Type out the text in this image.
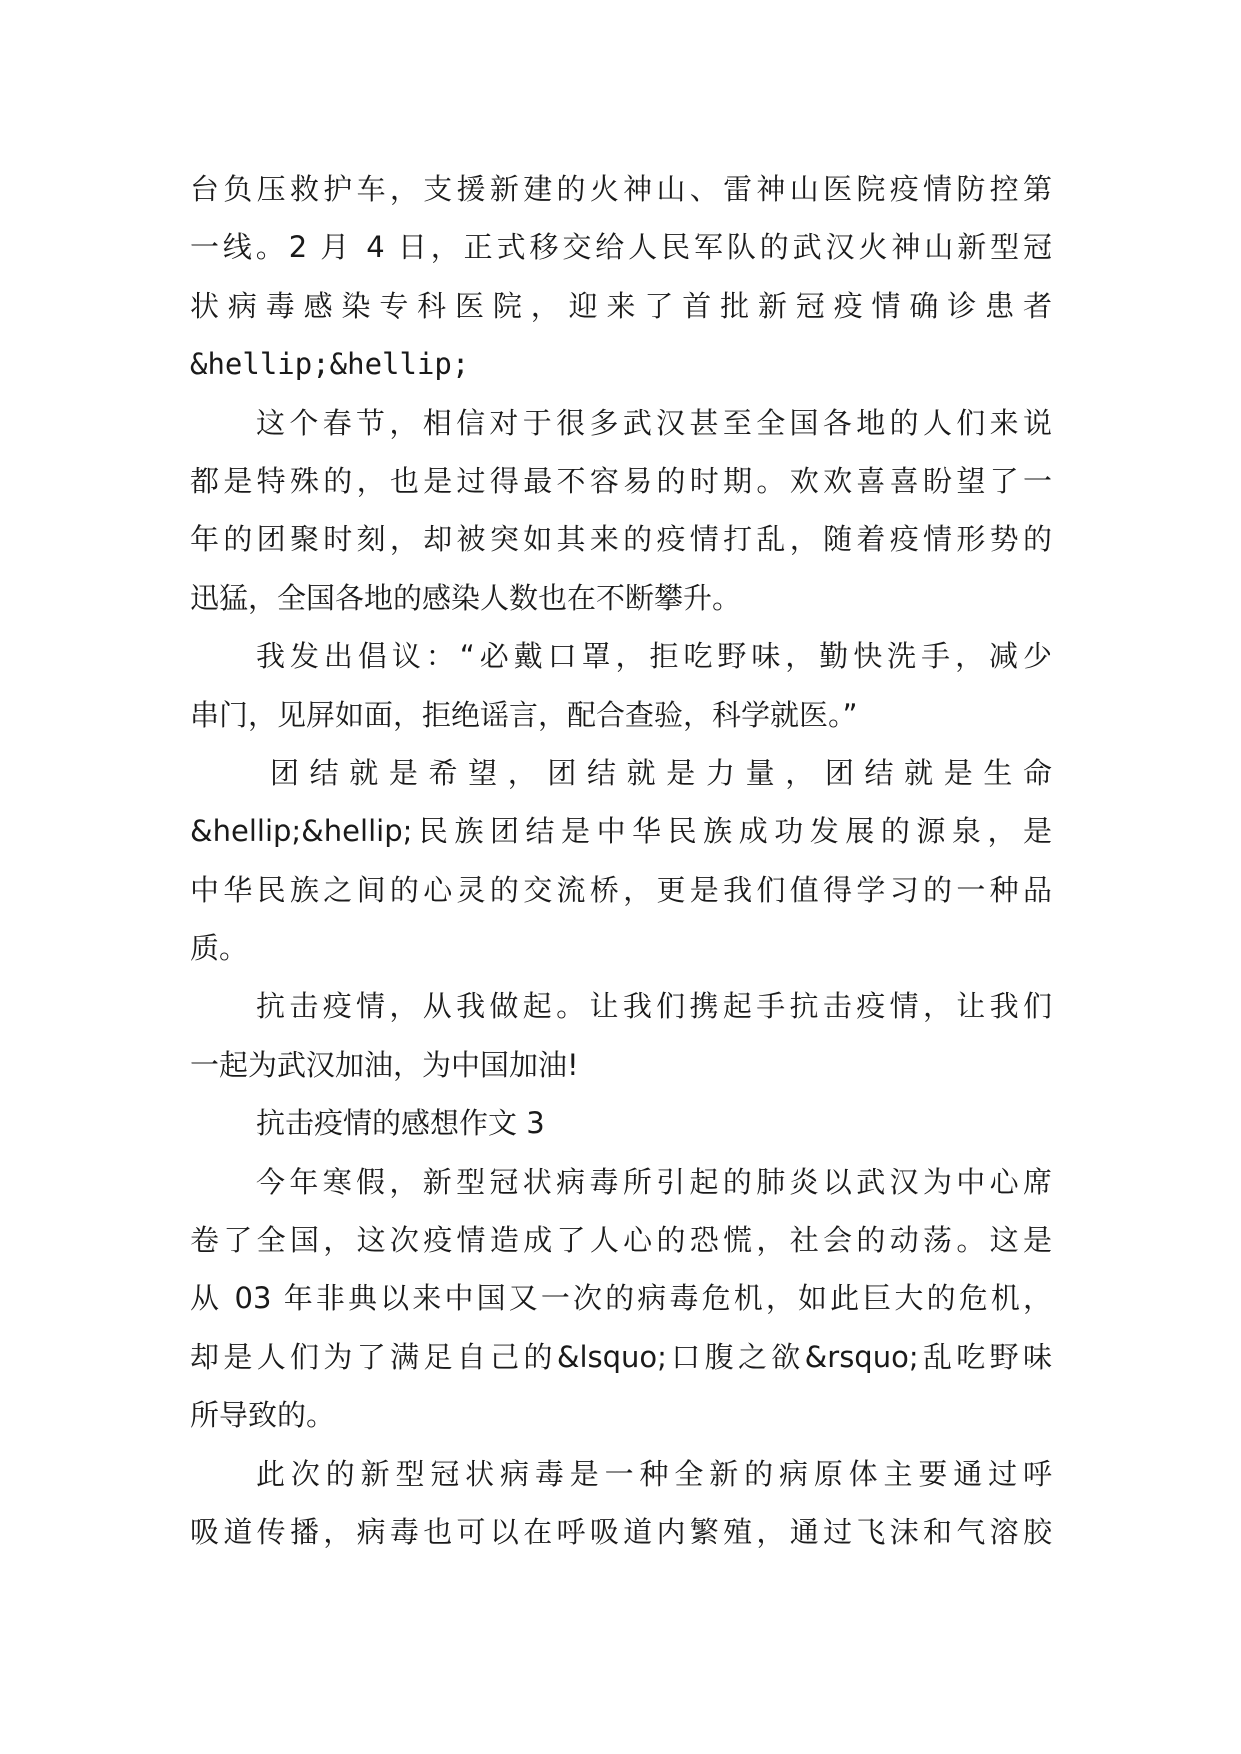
台负压救护车，支援新建的火神山、雷神山医院疫情防控第
一线。2 月 4 日，正式移交给人民军队的武汉火神山新型冠
状病毒感染专科医院，迎来了首批新冠疫情确诊患者
&hellip;&hellip;
这个春节，相信对于很多武汉甚至全国各地的人们来说
都是特殊的，也是过得最不容易的时期。欢欢喜喜盼望了一
年的团聚时刻，却被突如其来的疫情打乱，随着疫情形势的
迅猛，全国各地的感染人数也在不断攀升。
我发出倡议：“必戴口罩，拒吃野味，勤快洗手，减少
串门，见屏如面，拒绝谣言，配合查验，科学就医。”
团结就是希望，团结就是力量，团结就是生命
&hellip;&hellip;民族团结是中华民族成功发展的源泉，是
中华民族之间的心灵的交流桥，更是我们值得学习的一种品
质。
抗击疫情，从我做起。让我们携起手抗击疫情，让我们
一起为武汉加油，为中国加油!
抗击疫情的感想作文 3
今年寒假，新型冠状病毒所引起的肺炎以武汉为中心席
卷了全国，这次疫情造成了人心的恐慌，社会的动荡。这是
从 03 年非典以来中国又一次的病毒危机，如此巨大的危机，
却是人们为了满足自己的&lsquo;口腹之欲&rsquo;乱吃野味
所导致的。
此次的新型冠状病毒是一种全新的病原体主要通过呼
吸道传播，病毒也可以在呼吸道内繁殖，通过飞沫和气溶胶
